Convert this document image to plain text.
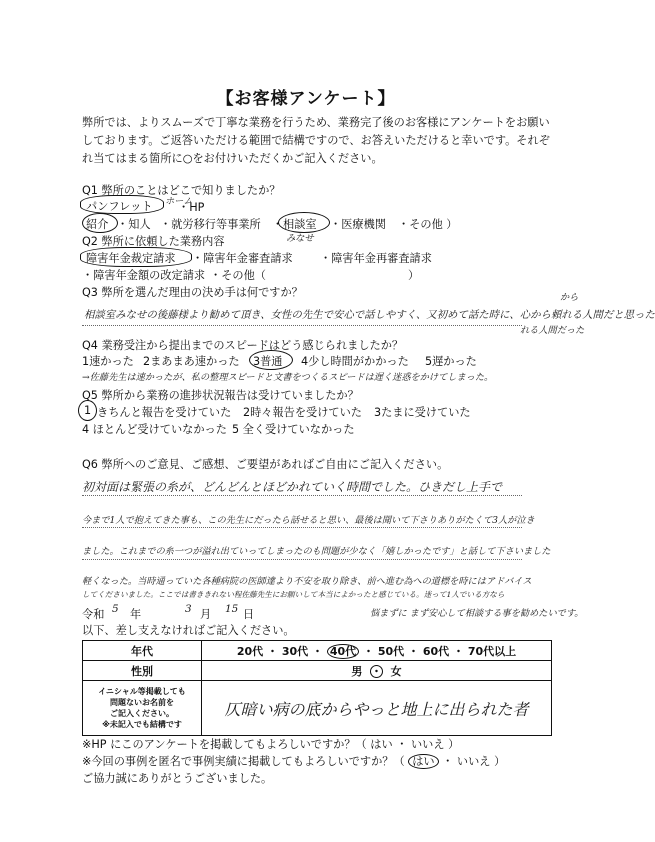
【お客様アンケート】
弊所では、よりスムーズで丁寧な業務を行うため、業務完了後のお客様にアンケートをお願いしております。ご返答いただける範囲で結構ですので、お答えいただけると幸いです。それぞれ当てはまる箇所に○をお付けいただくかご記入ください。
Q1 弊所のことはどこで知りましたか？
パンフレット ホーム
・HP
紹介 ・知人 ・就労移行等事業所 ・ 相談室 ・医療機関 ・その他 ）
みなせ
Q2 弊所に依頼した業務内容
障害年金裁定請求 ・障害年金審査請求 ・障害年金再審査請求
・障害年金額の改定請求 ・その他（	）
Q3 弊所を選んだ理由の決め手は何ですか？
相談室みなせの後藤様より勧めて頂き、女性の先生で安心で話しやすく、又初めて話た時に、心から頼れる人間だと思った
から
れる人間だった
Q4 業務受注から提出までのスピードはどう感じられましたか？
1速かった 2まあまあ速かった 3普通 4少し時間がかかった 5遅かった
→佐藤先生は速かったが、私の整理スピードと文書をつくるスピードは遅く迷惑をかけてしまった。
Q5 弊所から業務の進捗状況報告は受けていましたか？
1 きちんと報告を受けていた 2時々報告を受けていた 3たまに受けていた
4 ほとんど受けていなかった 5 全く受けていなかった
Q6 弊所へのご意見、ご感想、ご要望があればご自由にご記入ください。
初対面は緊張の糸が、どんどんとほどかれていく時間でした。ひきだし上手で
今まで1人で抱えてきた事も、この先生にだったら話せると思い、最後は聞いて下さりありがたくて3人が泣き
ました。これまでの糸一つが溢れ出ていってしまったのも問題が少なく「嬉しかったです」と話して下さいました
軽くなった。当時通っていた各種病院の医師達より不安を取り除き、前へ進む為への道標を時にはアドバイス
してくださいました。ここでは書ききれない程佐藤先生にお願いして本当によかったと感じている。迷って1人でいる方なら
悩まずに まず安心して相談する事を勧めたいです。
令和 5 年	3 月 15 日
以下、差し支えなければご記入ください。
年代	20代 ・ 30代 ・ 40代 ・ 50代 ・ 60代 ・ 70代以上
性別	男 ・ 女

イニシャル等掲載しても
問題ないお名前を
ご記入ください。
※未記入でも結構です	仄暗い病の底からやっと地上に出られた者
※HP にこのアンケートを掲載してもよろしいですか？（ はい ・ いいえ ）
※今回の事例を匿名で事例実績に掲載してもよろしいですか？（ はい ・ いいえ ）
ご協力誠にありがとうございました。
